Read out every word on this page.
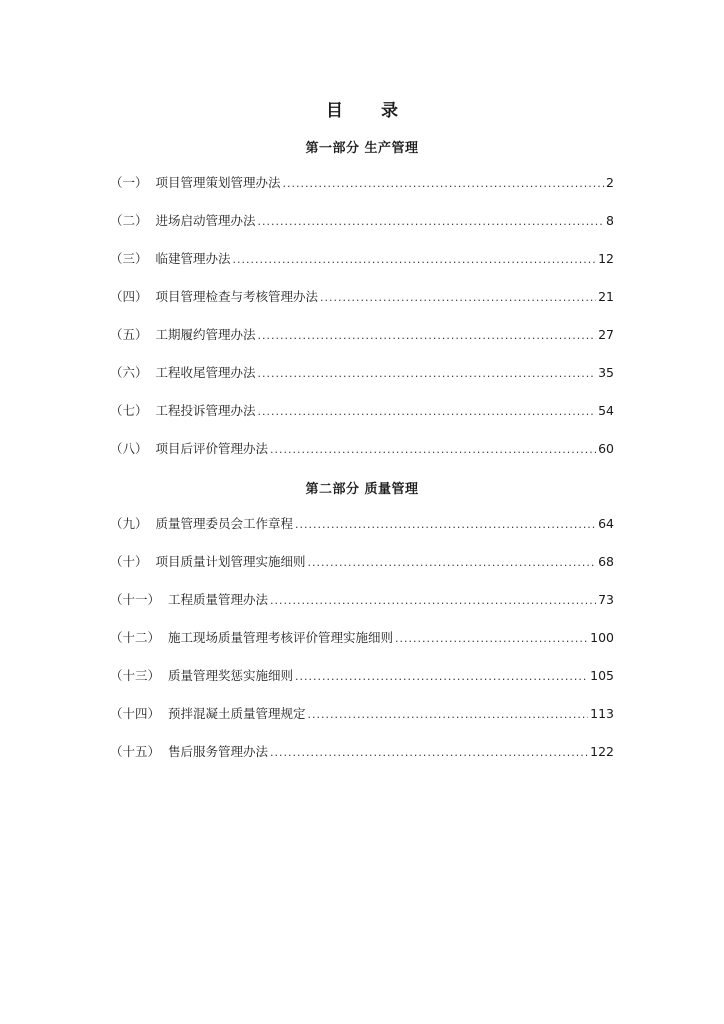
目 录
第一部分 生产管理
（一） 项目管理策划管理办法 .....	2
（二） 进场启动管理办法 .....	8
（三） 临建管理办法 .....	12
（四） 项目管理检查与考核管理办法 .....	21
（五） 工期履约管理办法 .....	27
（六） 工程收尾管理办法 .....	35
（七） 工程投诉管理办法 .....	54
（八） 项目后评价管理办法 .....	60
第二部分 质量管理
（九） 质量管理委员会工作章程 .....	64
（十） 项目质量计划管理实施细则 .....	68
（十一） 工程质量管理办法 .....	73
（十二） 施工现场质量管理考核评价管理实施细则 .....	100
（十三） 质量管理奖惩实施细则 .....	105
（十四） 预拌混凝土质量管理规定 .....	113
（十五） 售后服务管理办法 .....	122
